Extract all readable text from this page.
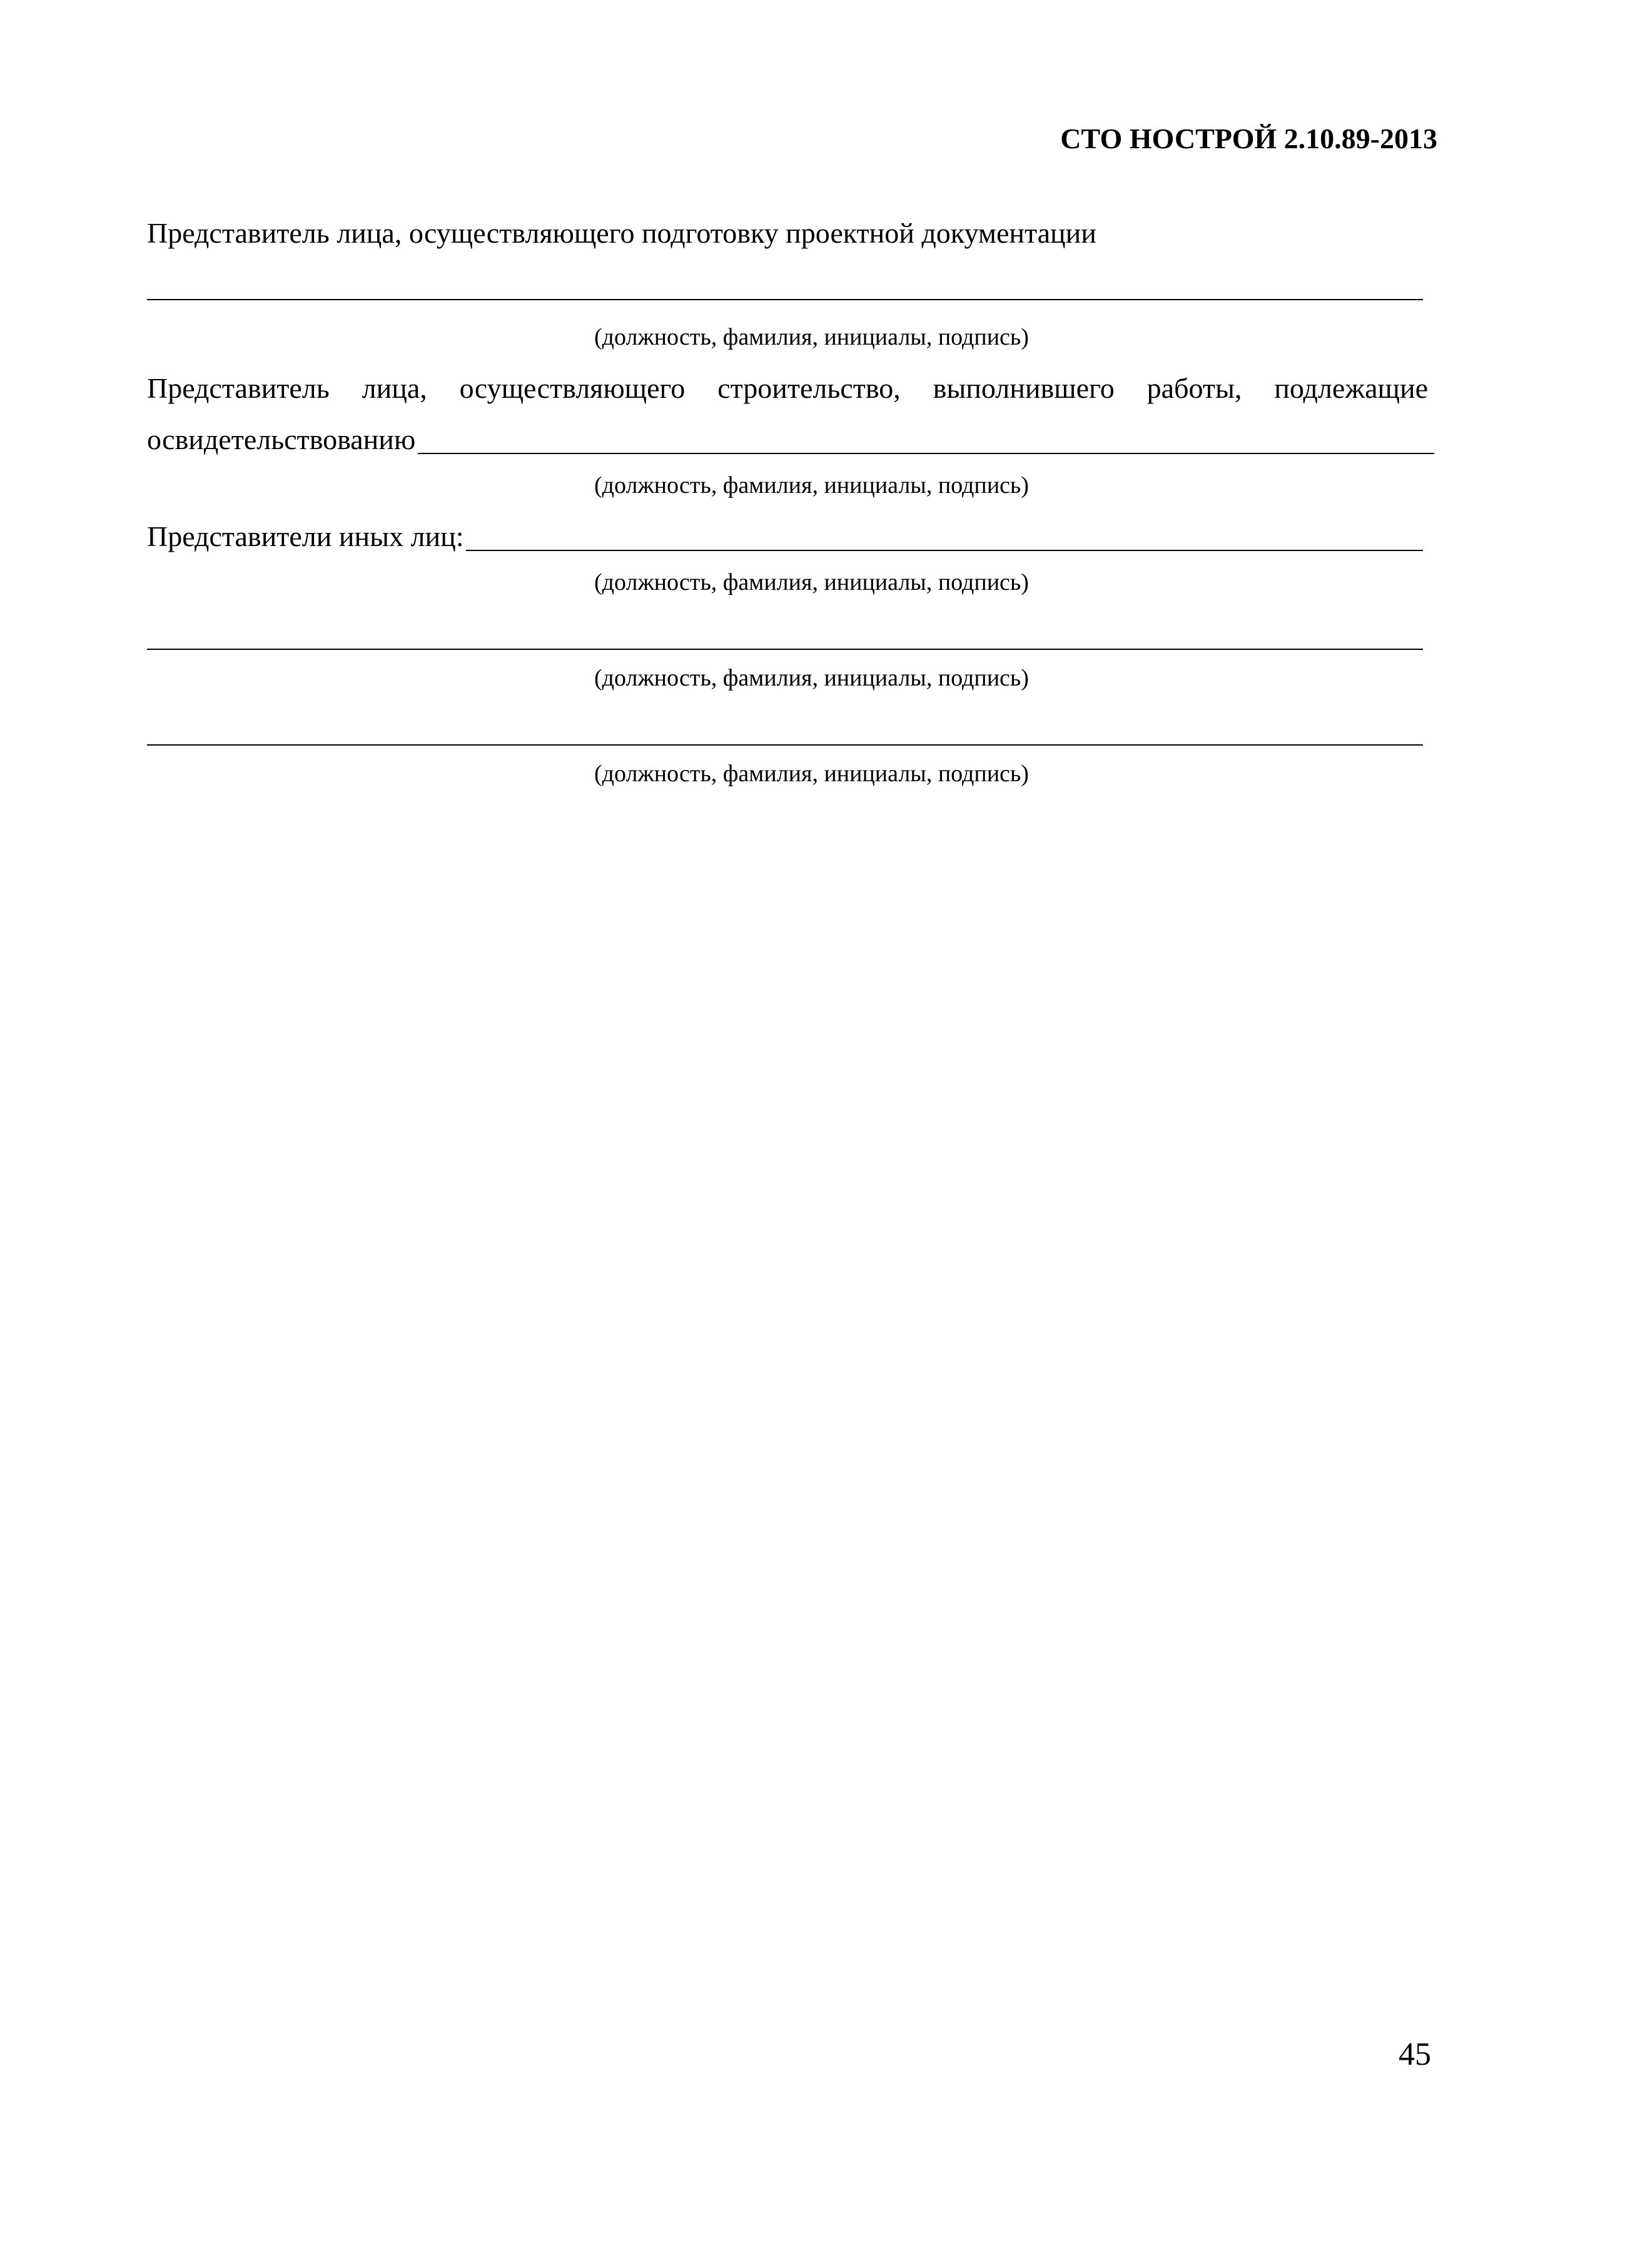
СТО НОСТРОЙ 2.10.89-2013
Представитель лица, осуществляющего подготовку проектной документации
(должность, фамилия, инициалы, подпись)
Представитель лица, осуществляющего строительство, выполнившего работы, подлежащие
освидетельствованию
(должность, фамилия, инициалы, подпись)
Представители иных лиц:
(должность, фамилия, инициалы, подпись)
(должность, фамилия, инициалы, подпись)
(должность, фамилия, инициалы, подпись)
45
